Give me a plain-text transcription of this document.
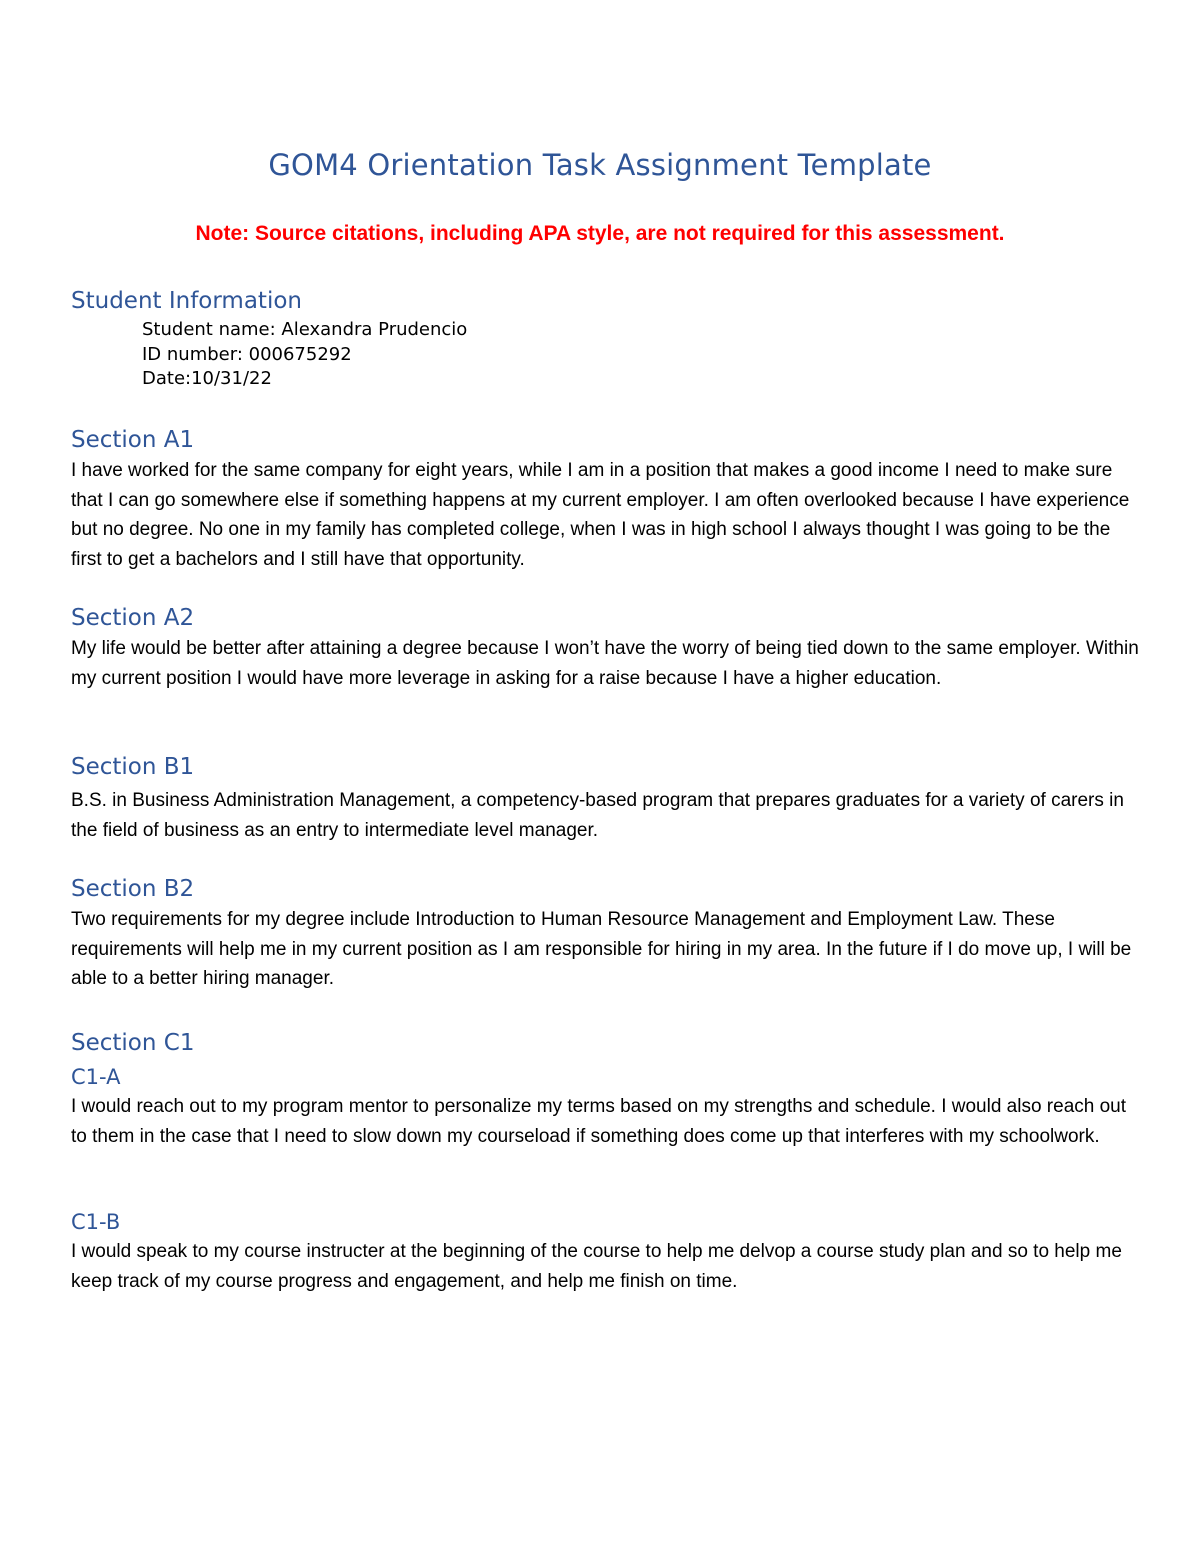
GOM4 Orientation Task Assignment Template
Note: Source citations, including APA style, are not required for this assessment.
Student Information
Student name: Alexandra Prudencio
ID number: 000675292
Date:10/31/22
Section A1
I have worked for the same company for eight years, while I am in a position that makes a good income I need to make sure that I can go somewhere else if something happens at my current employer. I am often overlooked because I have experience but no degree. No one in my family has completed college, when I was in high school I always thought I was going to be the first to get a bachelors and I still have that opportunity.
Section A2
My life would be better after attaining a degree because I won’t have the worry of being tied down to the same employer. Within my current position I would have more leverage in asking for a raise because I have a higher education.
Section B1
B.S. in Business Administration Management, a competency-based program that prepares graduates for a variety of carers in the field of business as an entry to intermediate level manager.
Section B2
Two requirements for my degree include Introduction to Human Resource Management and Employment Law. These requirements will help me in my current position as I am responsible for hiring in my area. In the future if I do move up, I will be able to a better hiring manager.
Section C1
C1-A
I would reach out to my program mentor to personalize my terms based on my strengths and schedule. I would also reach out to them in the case that I need to slow down my courseload if something does come up that interferes with my schoolwork.
C1-B
I would speak to my course instructer at the beginning of the course to help me delvop a course study plan and so to help me keep track of my course progress and engagement, and help me finish on time.
